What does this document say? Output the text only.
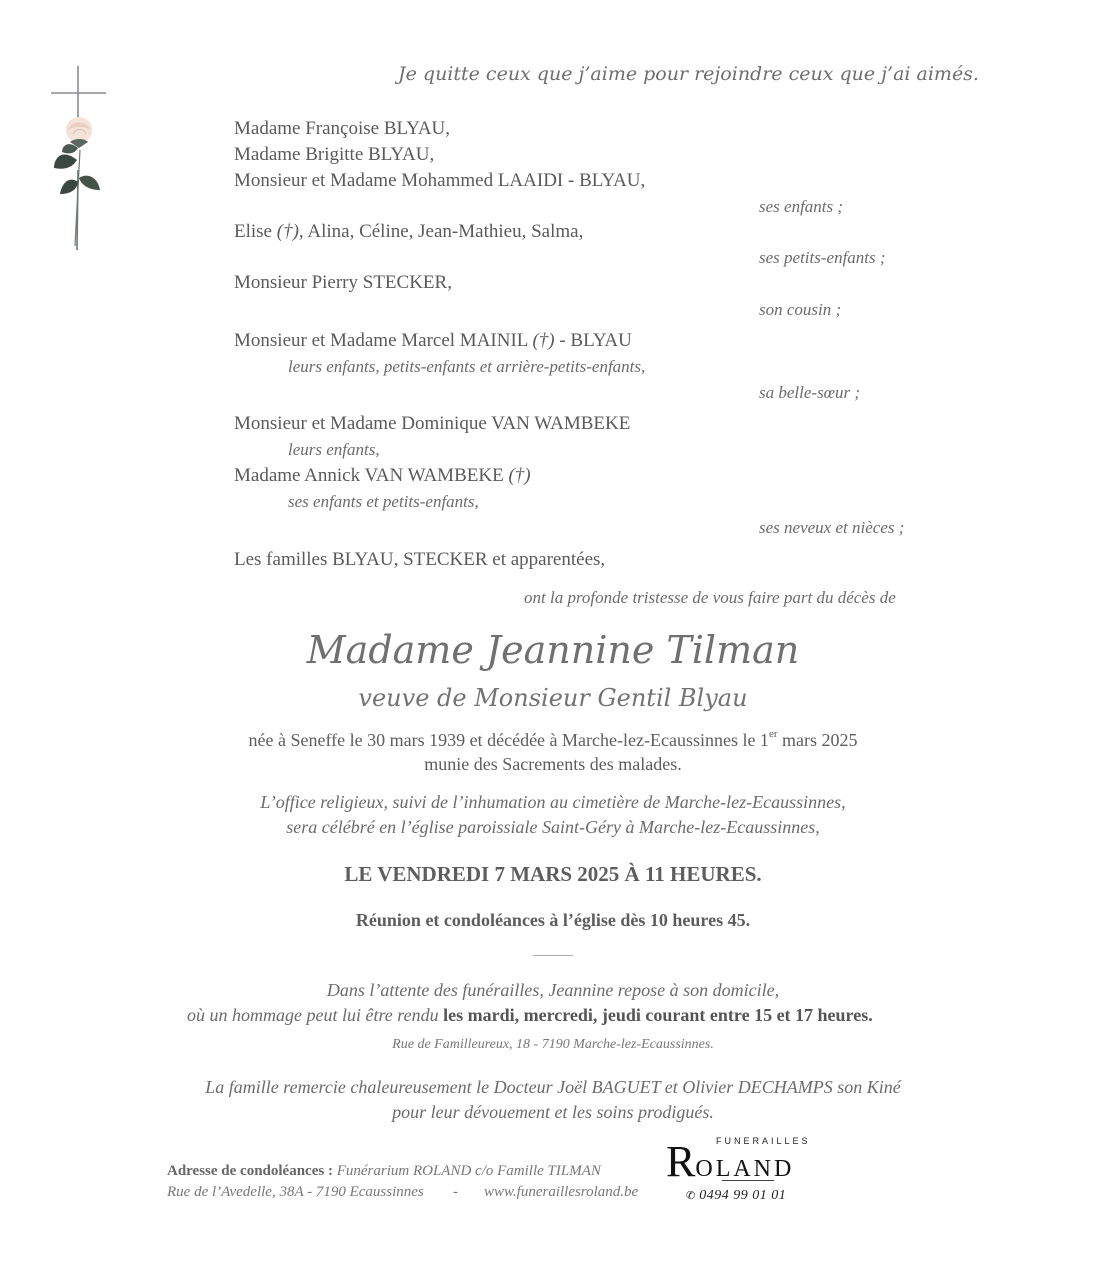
Je quitte ceux que j’aime pour rejoindre ceux que j’ai aimés.
Madame Françoise BLYAU,
Madame Brigitte BLYAU,
Monsieur et Madame Mohammed LAAIDI - BLYAU,
ses enfants ;
Elise (†), Alina, Céline, Jean-Mathieu, Salma,
ses petits-enfants ;
Monsieur Pierry STECKER,
son cousin ;
Monsieur et Madame Marcel MAINIL (†) - BLYAU
leurs enfants, petits-enfants et arrière-petits-enfants,
sa belle-sœur ;
Monsieur et Madame Dominique VAN WAMBEKE
leurs enfants,
Madame Annick VAN WAMBEKE (†)
ses enfants et petits-enfants,
ses neveux et nièces ;
Les familles BLYAU, STECKER et apparentées,
ont la profonde tristesse de vous faire part du décès de
Madame Jeannine Tilman
veuve de Monsieur Gentil Blyau
née à Seneffe le 30 mars 1939 et décédée à Marche-lez-Ecaussinnes le 1er mars 2025
munie des Sacrements des malades.
L’office religieux, suivi de l’inhumation au cimetière de Marche-lez-Ecaussinnes,
sera célébré en l’église paroissiale Saint-Géry à Marche-lez-Ecaussinnes,
LE VENDREDI 7 MARS 2025 À 11 HEURES.
Réunion et condoléances à l’église dès 10 heures 45.
_____
Dans l’attente des funérailles, Jeannine repose à son domicile,
où un hommage peut lui être rendu les mardi, mercredi, jeudi courant entre 15 et 17 heures.
Rue de Familleureux, 18 - 7190 Marche-lez-Ecaussinnes.
La famille remercie chaleureusement le Docteur Joël BAGUET et Olivier DECHAMPS son Kiné
pour leur dévouement et les soins prodigués.
Adresse de condoléances : Funérarium ROLAND c/o Famille TILMAN
Rue de l’Avedelle, 38A - 7190 Ecaussinnes - www.funeraillesroland.be
FUNERAILLES
ROLAND
✆ 0494 99 01 01
